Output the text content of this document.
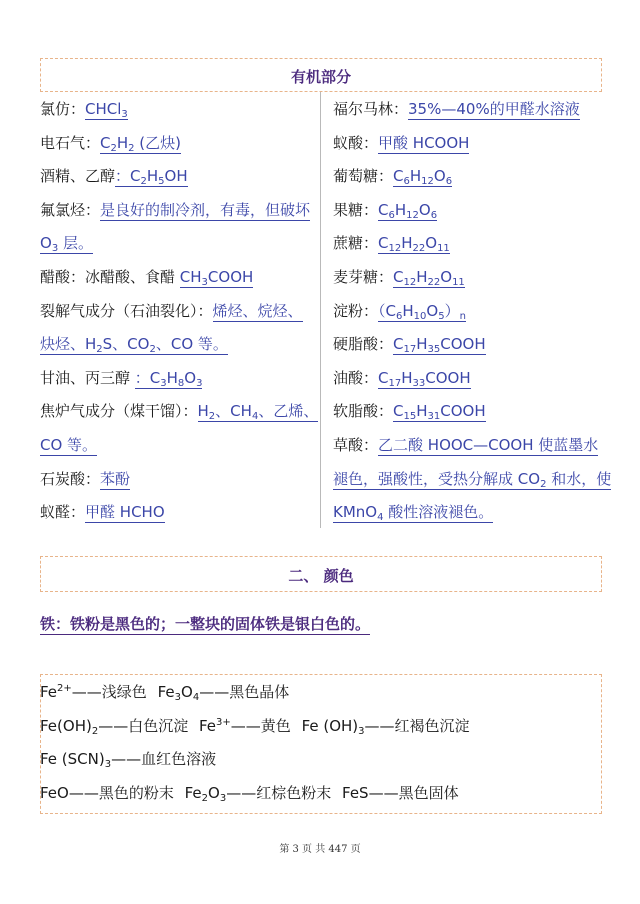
有机部分
氯仿：CHCl$_3$
电石气：$C_2H_2$ (乙炔)
酒精、乙醇：$C_2H_5OH$
氟氯烃：是良好的制冷剂，有毒，但破坏
$O_3$ 层。
醋酸：冰醋酸、食醋 $CH_3COOH$
裂解气成分（石油裂化）：烯烃、烷烃、
炔烃、$H_2S$、$CO_2$、CO 等。
甘油、丙三醇 ：$C_3H_8O_3$
焦炉气成分（煤干馏）：$H_2$、$CH_4$、乙烯、
CO 等。
石炭酸：苯酚
蚁醛：甲醛 HCHO
福尔马林：35%—40%的甲醛水溶液
蚁酸：甲酸 HCOOH
葡萄糖：$C_6H_{12}O_6$
果糖：$C_6H_{12}O_6$
蔗糖：$C_{12}H_{22}O_{11}$
麦芽糖：$C_{12}H_{22}O_{11}$
淀粉：$(C_6H_{10}O_5)_n$
硬脂酸：$C_{17}H_{35}COOH$
油酸：$C_{17}H_{33}COOH$
软脂酸：$C_{15}H_{31}COOH$
草酸：乙二酸 HOOC—COOH 使蓝墨水
褪色，强酸性，受热分解成 $CO_2$ 和水，使
KMnO$_4$ 酸性溶液褪色。
二、 颜色
铁：铁粉是黑色的；一整块的固体铁是银白色的。
$Fe^{2+}——$浅绿色 $Fe_3O_4——$黑色晶体
$Fe(OH)_2——$白色沉淀 $Fe^{3+}——$黄色 Fe $(OH)_3——$红褐色沉淀
Fe $(SCN)_3——$血红色溶液
FeO——黑色的粉末 $Fe_2O_3——$红棕色粉末 FeS——黑色固体
第 3 页 共 447 页
